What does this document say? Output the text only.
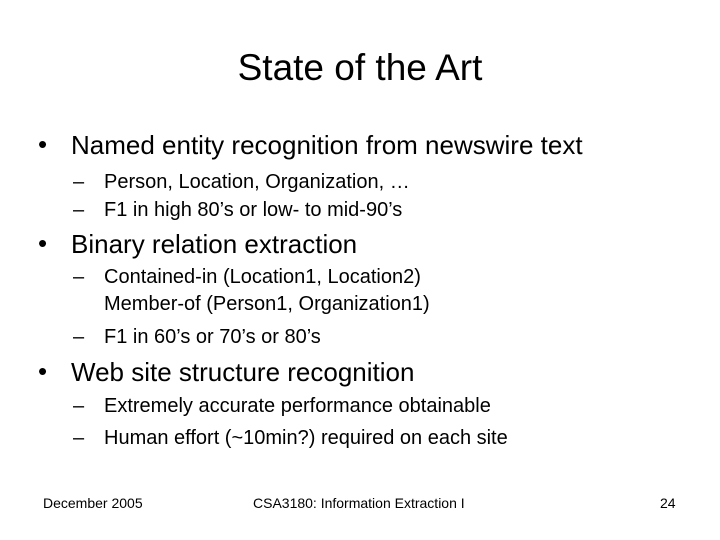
State of the Art
• Named entity recognition from newswire text
– Person, Location, Organization, …
– F1 in high 80’s or low- to mid-90’s
• Binary relation extraction
– Contained-in (Location1, Location2)
Member-of (Person1, Organization1)
– F1 in 60’s or 70’s or 80’s
• Web site structure recognition
– Extremely accurate performance obtainable
– Human effort (~10min?) required on each site
December 2005	CSA3180: Information Extraction I	24
